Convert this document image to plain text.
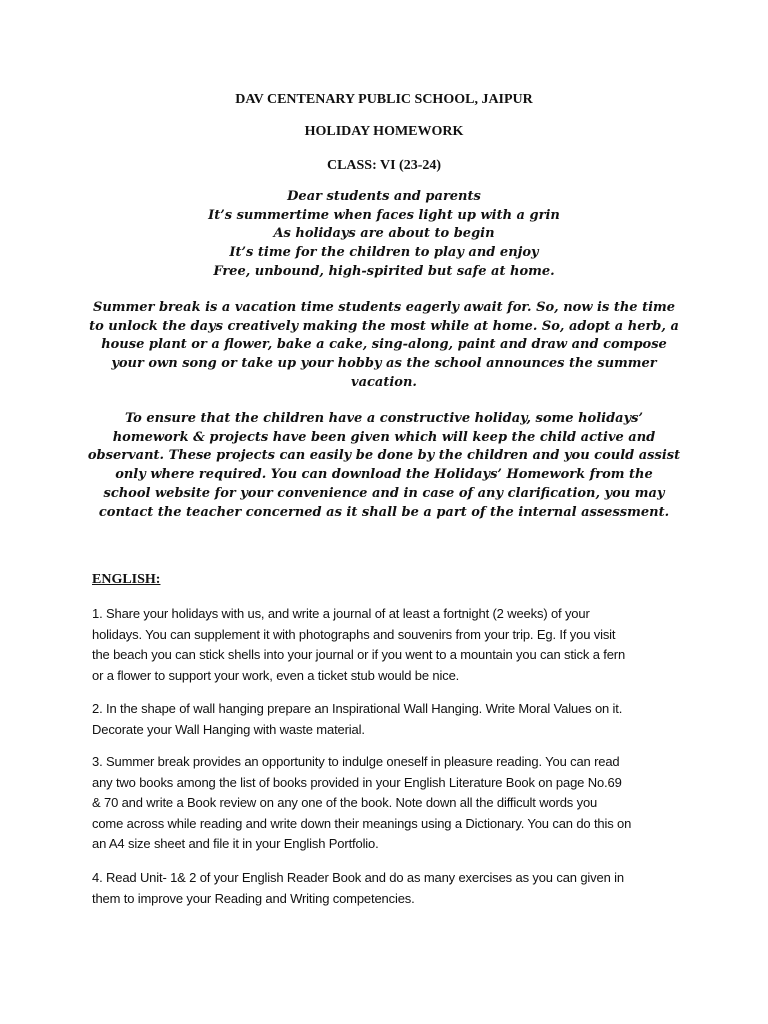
DAV CENTENARY PUBLIC SCHOOL, JAIPUR
HOLIDAY HOMEWORK
CLASS: VI (23-24)
Dear students and parents
It’s summertime when faces light up with a grin
As holidays are about to begin
It’s time for the children to play and enjoy
Free, unbound, high-spirited but safe at home.
Summer break is a vacation time students eagerly await for. So, now is the time
to unlock the days creatively making the most while at home. So, adopt a herb, a
house plant or a flower, bake a cake, sing-along, paint and draw and compose
your own song or take up your hobby as the school announces the summer
vacation.
To ensure that the children have a constructive holiday, some holidays’
homework & projects have been given which will keep the child active and
observant. These projects can easily be done by the children and you could assist
only where required. You can download the Holidays’ Homework from the
school website for your convenience and in case of any clarification, you may
contact the teacher concerned as it shall be a part of the internal assessment.
ENGLISH:
1. Share your holidays with us, and write a journal of at least a fortnight (2 weeks) of your
holidays. You can supplement it with photographs and souvenirs from your trip. Eg. If you visit
the beach you can stick shells into your journal or if you went to a mountain you can stick a fern
or a flower to support your work, even a ticket stub would be nice.
2. In the shape of wall hanging prepare an Inspirational Wall Hanging. Write Moral Values on it.
Decorate your Wall Hanging with waste material.
3. Summer break provides an opportunity to indulge oneself in pleasure reading. You can read
any two books among the list of books provided in your English Literature Book on page No.69
& 70 and write a Book review on any one of the book. Note down all the difficult words you
come across while reading and write down their meanings using a Dictionary. You can do this on
an A4 size sheet and file it in your English Portfolio.
4. Read Unit- 1& 2 of your English Reader Book and do as many exercises as you can given in
them to improve your Reading and Writing competencies.
